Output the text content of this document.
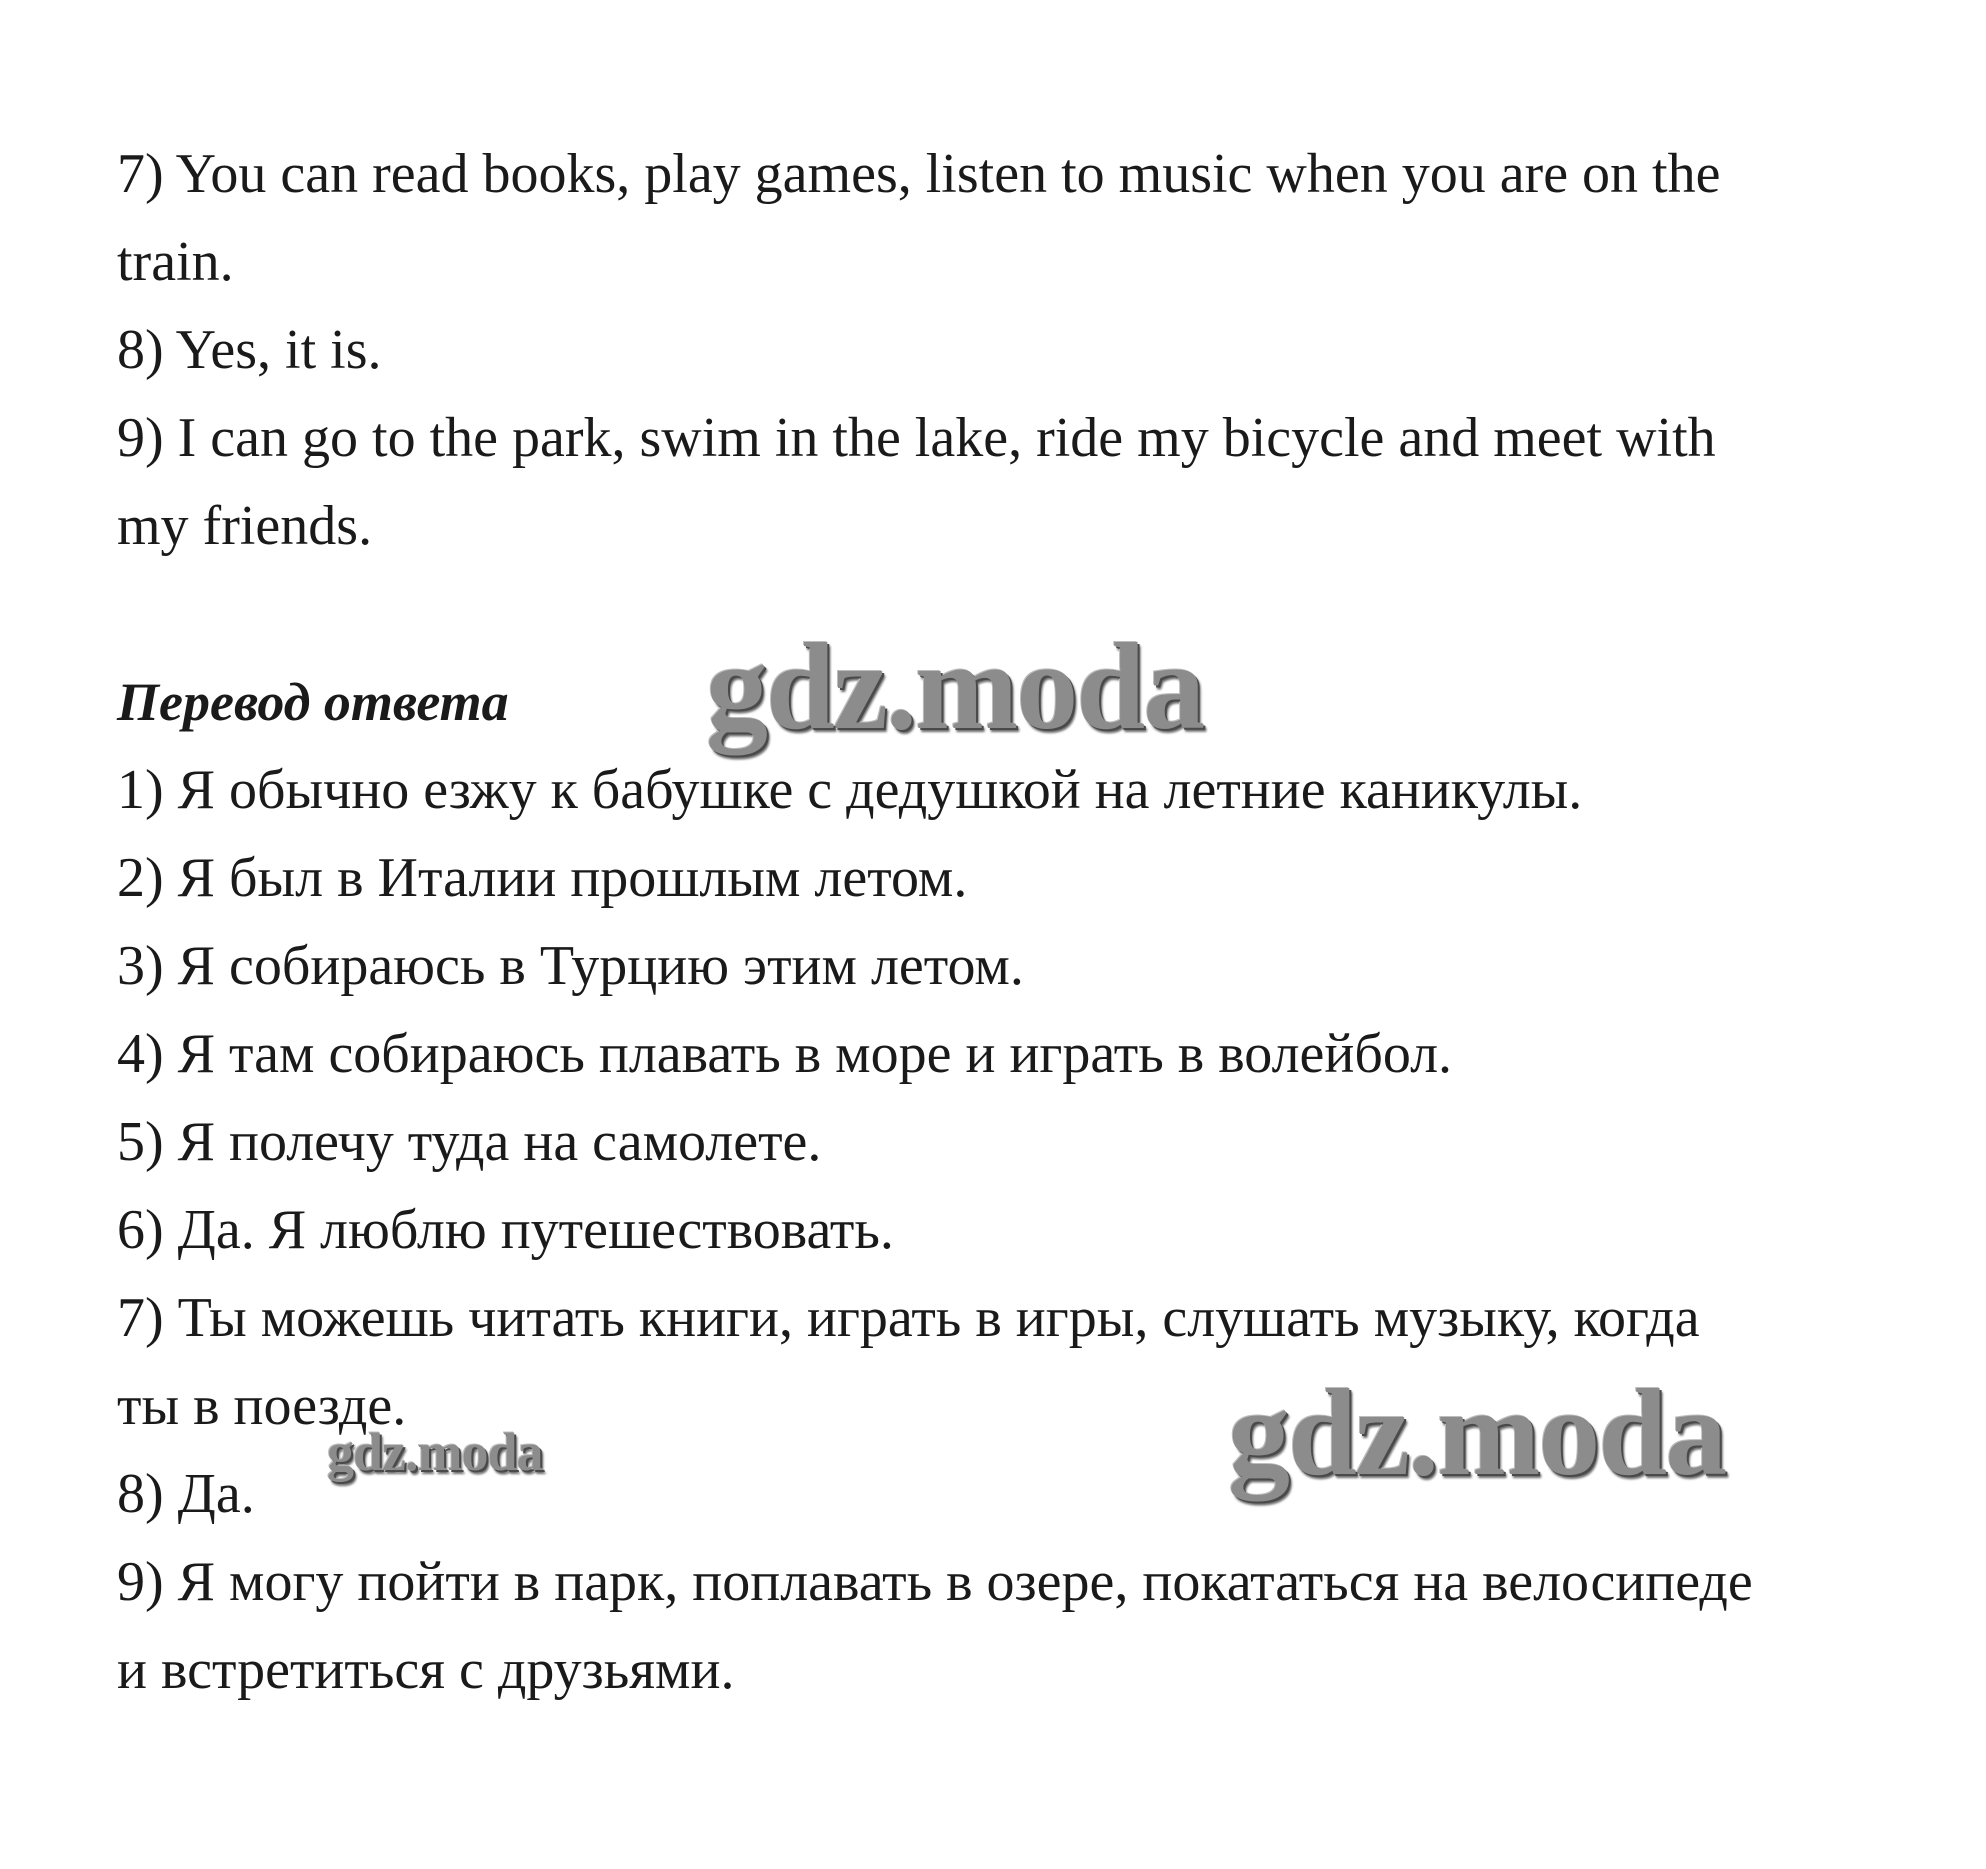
7) You can read books, play games, listen to music when you are on the
train.
8) Yes, it is.
9) I can go to the park, swim in the lake, ride my bicycle and meet with
my friends.
Перевод ответа
1) Я обычно езжу к бабушке с дедушкой на летние каникулы.
2) Я был в Италии прошлым летом.
3) Я собираюсь в Турцию этим летом.
4) Я там собираюсь плавать в море и играть в волейбол.
5) Я полечу туда на самолете.
6) Да. Я люблю путешествовать.
7) Ты можешь читать книги, играть в игры, слушать музыку, когда
ты в поезде.
8) Да.
9) Я могу пойти в парк, поплавать в озере, покататься на велосипеде
и встретиться с друзьями.
gdz.moda
gdz.moda
gdz.moda
